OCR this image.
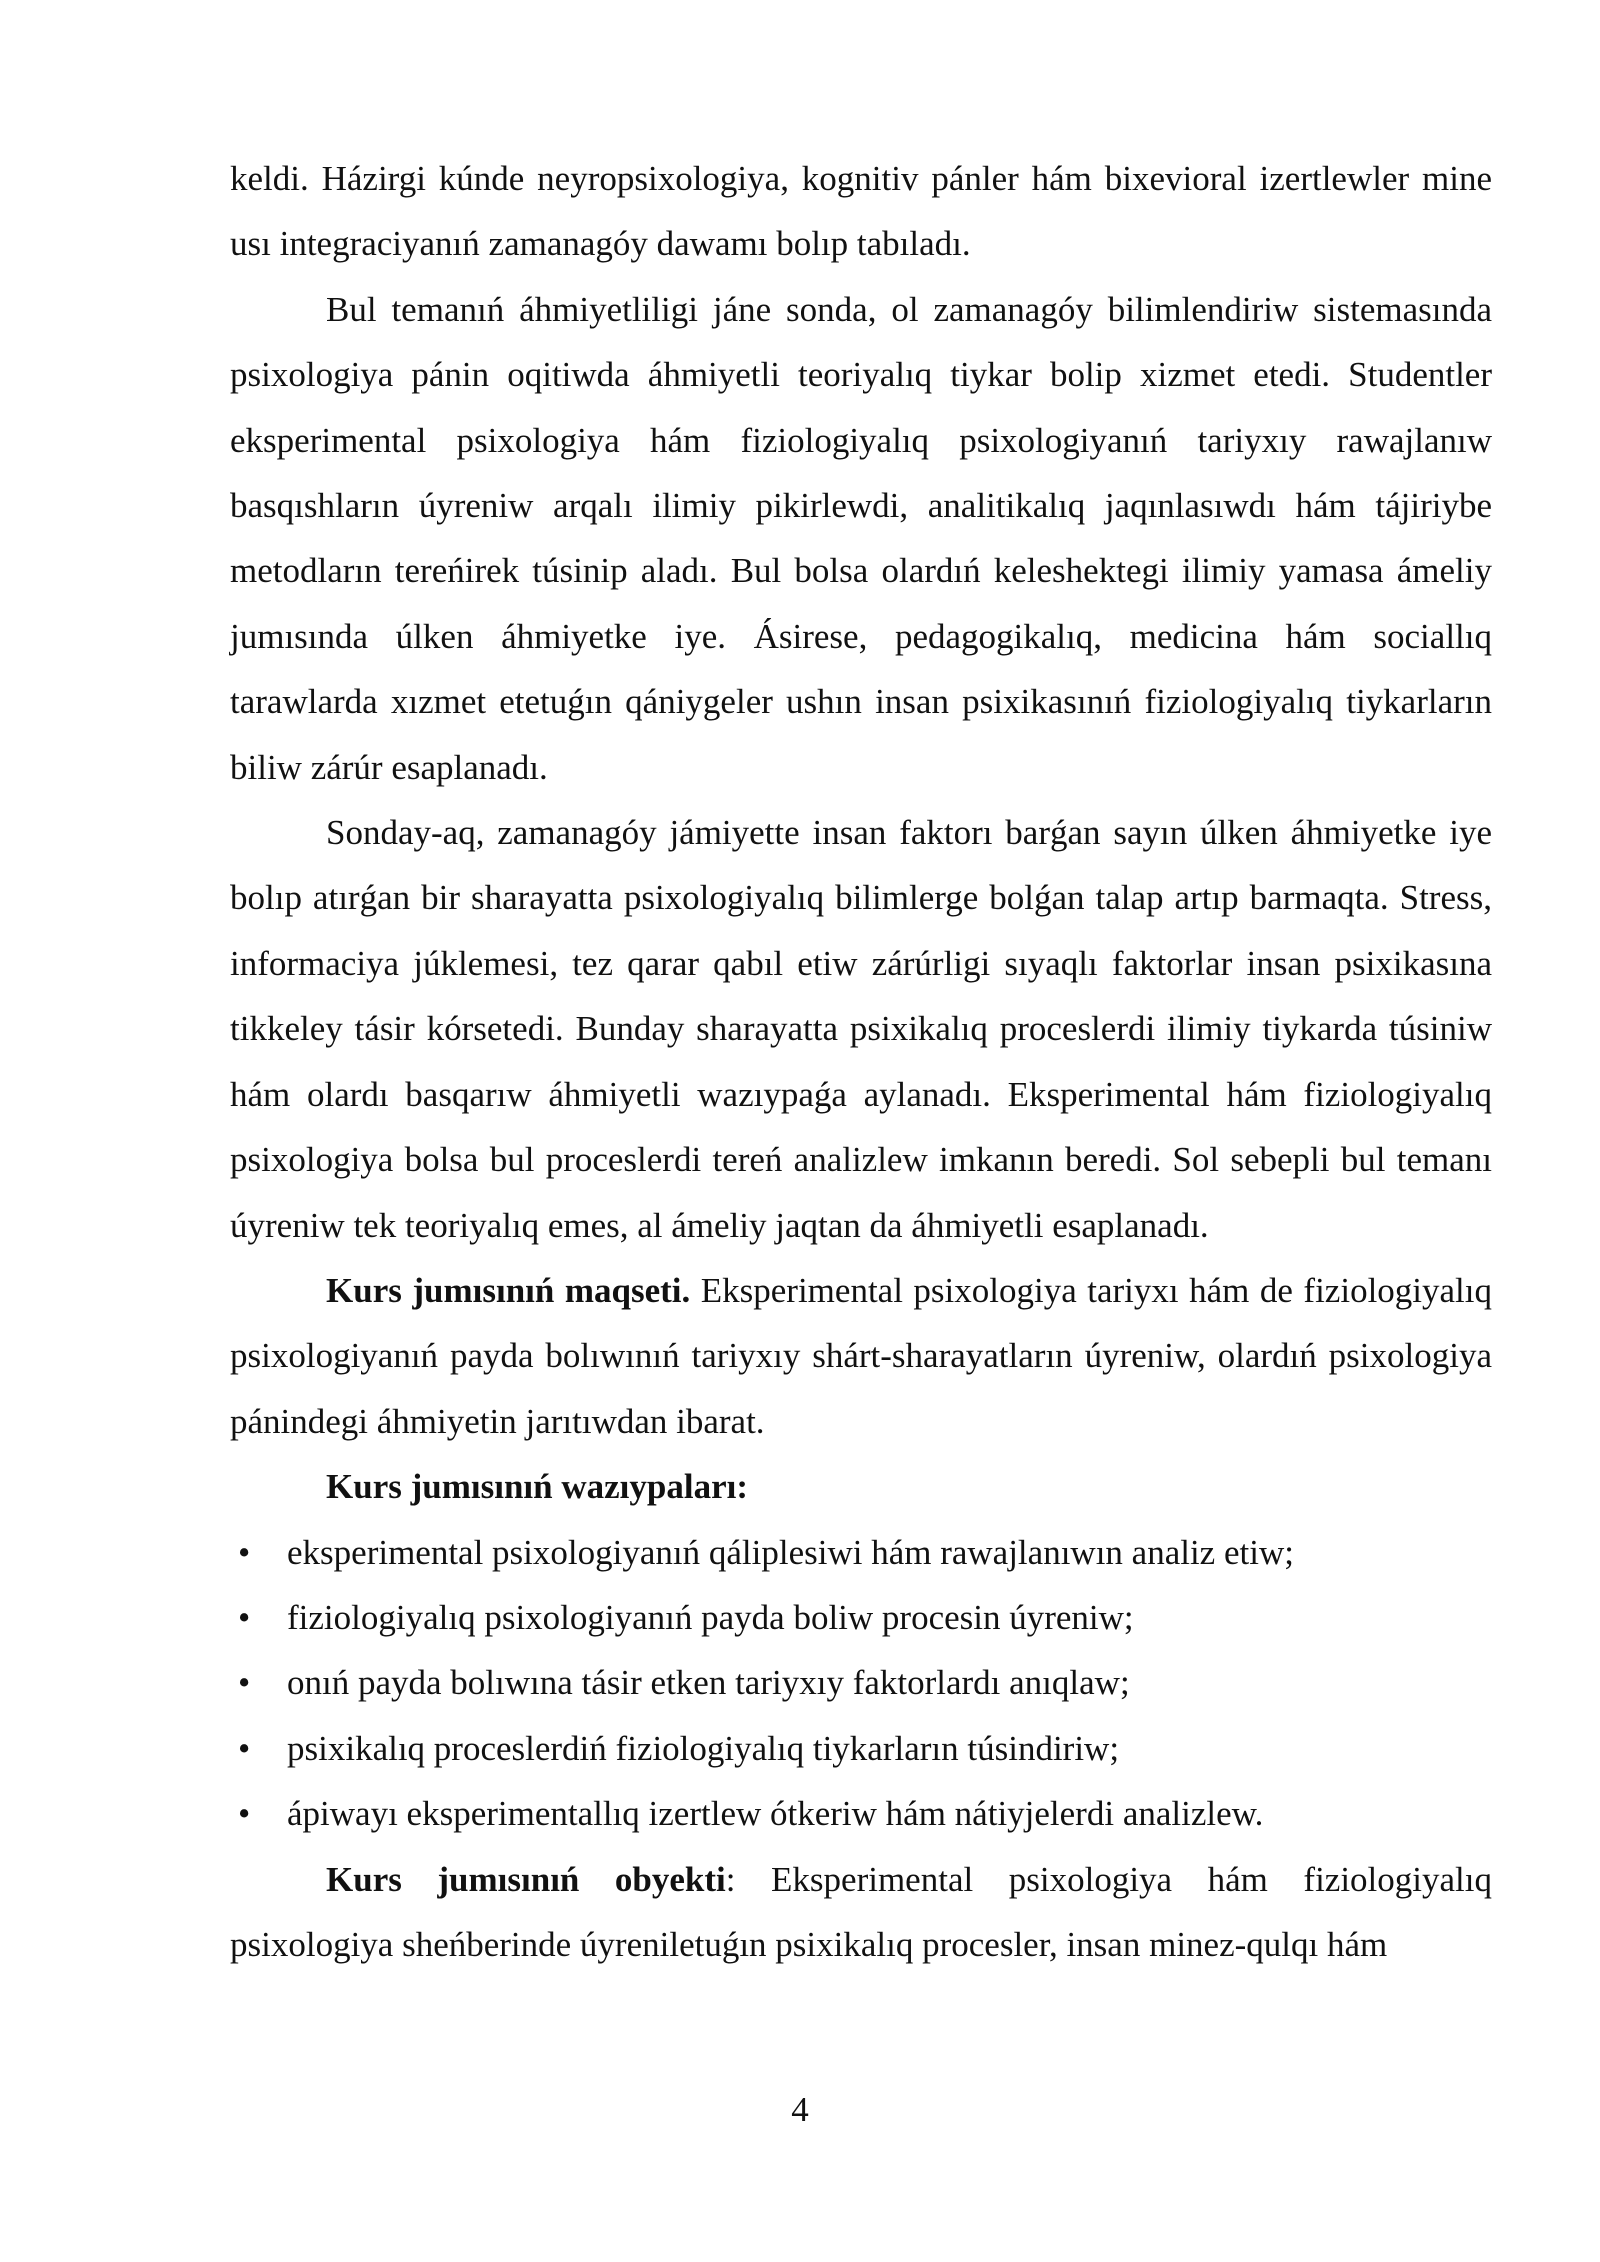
keldi. Házirgi kúnde neyropsixologiya, kognitiv pánler hám bixevioral izertlewler mine usı integraciyanıń zamanagóy dawamı bolıp tabıladı.

Bul temanıń áhmiyetliligi jáne sonda, ol zamanagóy bilimlendiriw sistemasında psixologiya pánin oqitiwda áhmiyetli teoriyalıq tiykar bolip xizmet etedi. Studentler eksperimental psixologiya hám fiziologiyalıq psixologiyanıń tariyxıy rawajlanıw basqıshların úyreniw arqalı ilimiy pikirlewdi, analitikalıq jaqınlasıwdı hám tájiriybe metodların tereńirek túsinip aladı. Bul bolsa olardıń keleshektegi ilimiy yamasa ámeliy jumısında úlken áhmiyetke iye. Ásirese, pedagogikalıq, medicina hám sociallıq tarawlarda xızmet etetuǵın qániygeler ushın insan psixikasınıń fiziologiyalıq tiykarların biliw zárúr esaplanadı.

Sonday-aq, zamanagóy jámiyette insan faktorı barǵan sayın úlken áhmiyetke iye bolıp atırǵan bir sharayatta psixologiyalıq bilimlerge bolǵan talap artıp barmaqta. Stress, informaciya júklemesi, tez qarar qabıl etiw zárúrligi sıyaqlı faktorlar insan psixikasına tikkeley tásir kórsetedi. Bunday sharayatta psixikalıq proceslerdi ilimiy tiykarda túsiniw hám olardı basqarıw áhmiyetli wazıypaǵa aylanadı. Eksperimental hám fiziologiyalıq psixologiya bolsa bul proceslerdi tereń analizlew imkanın beredi. Sol sebepli bul temanı úyreniw tek teoriyalıq emes, al ámeliy jaqtan da áhmiyetli esaplanadı.

Kurs jumısınıń maqseti. Eksperimental psixologiya tariyxı hám de fiziologiyalıq psixologiyanıń payda bolıwınıń tariyxıy shárt-sharayatların úyreniw, olardıń psixologiya pánindegi áhmiyetin jarıtıwdan ibarat.

Kurs jumısınıń wazıypaları:

• eksperimental psixologiyanıń qáliplesiwi hám rawajlanıwın analiz etiw;
• fiziologiyalıq psixologiyanıń payda boliw procesin úyreniw;
• onıń payda bolıwına tásir etken tariyxıy faktorlardı anıqlaw;
• psixikalıq proceslerdiń fiziologiyalıq tiykarların túsindiriw;
• ápiwayı eksperimentallıq izertlew ótkeriw hám nátiyjelerdi analizlew.

Kurs jumısınıń obyekti: Eksperimental psixologiya hám fiziologiyalıq psixologiya sheńberinde úyreniletuǵın psixikalıq procesler, insan minez-qulqı hám

4
